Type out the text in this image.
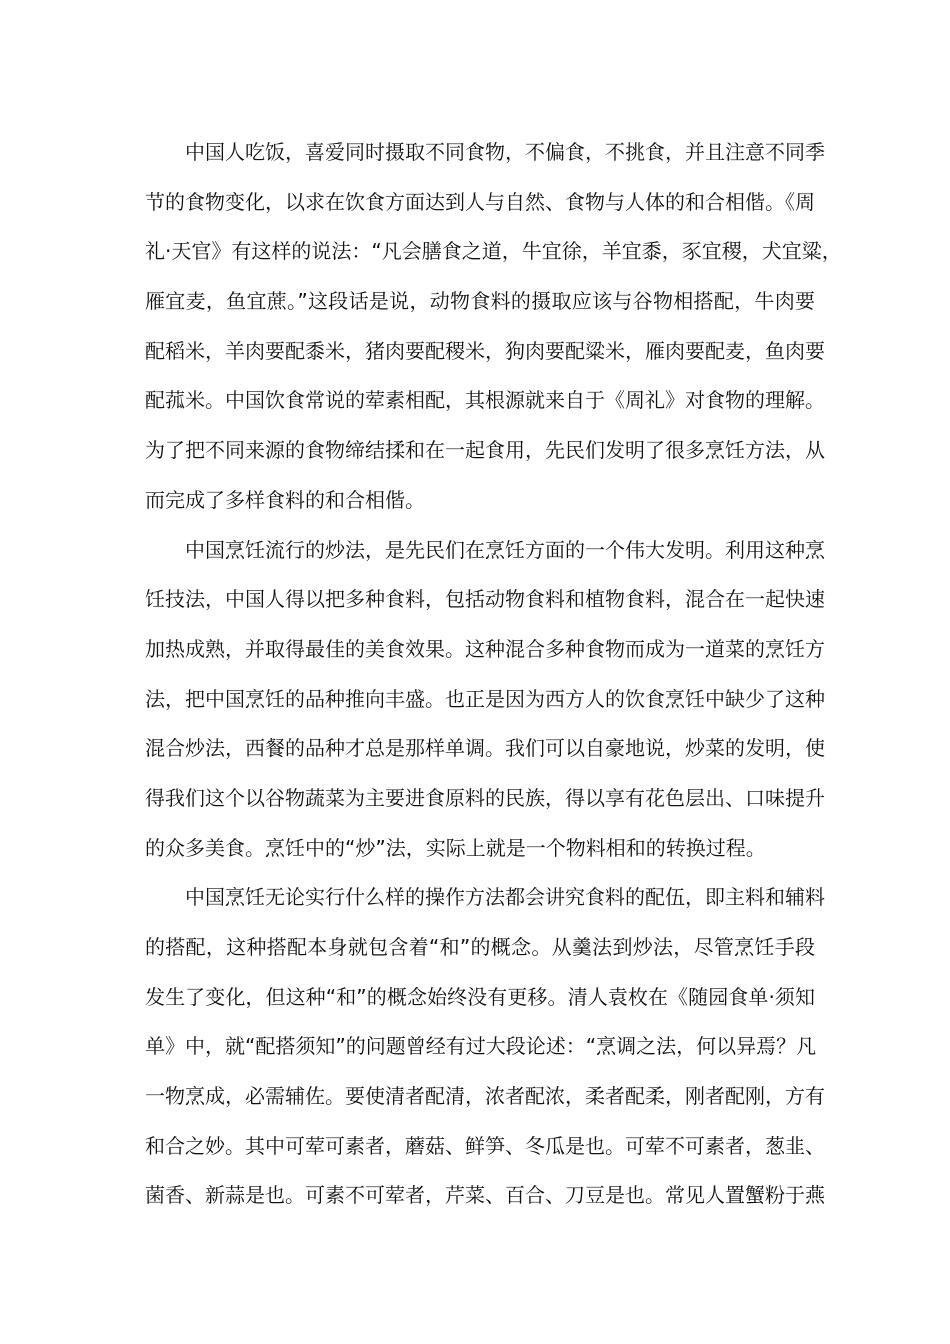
中国人吃饭，喜爱同时摄取不同食物，不偏食，不挑食，并且注意不同季
节的食物变化，以求在饮食方面达到人与自然、食物与人体的和合相偕。《周
礼·天官》有这样的说法：“凡会膳食之道，牛宜徐，羊宜黍，豕宜稷，犬宜粱，
雁宜麦，鱼宜蔗。”这段话是说，动物食料的摄取应该与谷物相搭配，牛肉要
配稻米，羊肉要配黍米，猪肉要配稷米，狗肉要配粱米，雁肉要配麦，鱼肉要
配菰米。中国饮食常说的荤素相配，其根源就来自于《周礼》对食物的理解。
为了把不同来源的食物缔结揉和在一起食用，先民们发明了很多烹饪方法，从
而完成了多样食料的和合相偕。
中国烹饪流行的炒法，是先民们在烹饪方面的一个伟大发明。利用这种烹
饪技法，中国人得以把多种食料，包括动物食料和植物食料，混合在一起快速
加热成熟，并取得最佳的美食效果。这种混合多种食物而成为一道菜的烹饪方
法，把中国烹饪的品种推向丰盛。也正是因为西方人的饮食烹饪中缺少了这种
混合炒法，西餐的品种才总是那样单调。我们可以自豪地说，炒菜的发明，使
得我们这个以谷物蔬菜为主要进食原料的民族，得以享有花色层出、口味提升
的众多美食。烹饪中的“炒”法，实际上就是一个物料相和的转换过程。
中国烹饪无论实行什么样的操作方法都会讲究食料的配伍，即主料和辅料
的搭配，这种搭配本身就包含着“和”的概念。从羹法到炒法，尽管烹饪手段
发生了变化，但这种“和”的概念始终没有更移。清人袁枚在《随园食单·须知
单》中，就“配搭须知”的问题曾经有过大段论述：“烹调之法，何以异焉？凡
一物烹成，必需辅佐。要使清者配清，浓者配浓，柔者配柔，刚者配刚，方有
和合之妙。其中可荤可素者，蘑菇、鲜笋、冬瓜是也。可荤不可素者，葱韭、
菌香、新蒜是也。可素不可荤者，芹菜、百合、刀豆是也。常见人置蟹粉于燕
